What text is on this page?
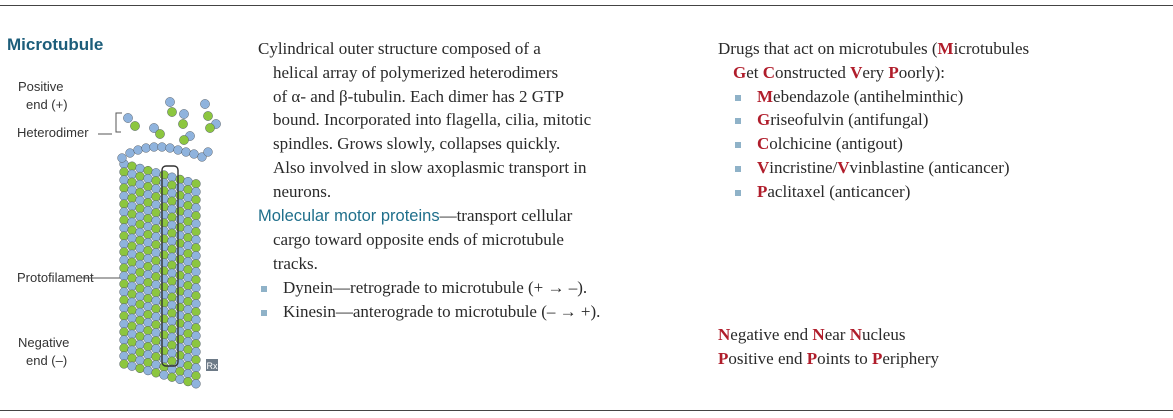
Microtubule
Positive
end (+)
Heterodimer
Protofilament
Negative
end (–)	Rx

Cylindrical outer structure composed of a
helical array of polymerized heterodimers
of α- and β-tubulin. Each dimer has 2 GTP
bound. Incorporated into flagella, cilia, mitotic
spindles. Grows slowly, collapses quickly.
Also involved in slow axoplasmic transport in
neurons.

Molecular motor proteins—transport cellular
cargo toward opposite ends of microtubule
tracks.

Dynein—retrograde to microtubule (+ → –).
Kinesin—anterograde to microtubule (– → +).

Drugs that act on microtubules (Microtubules
Get Constructed Very Poorly):

Mebendazole (antihelminthic)
Griseofulvin (antifungal)
Colchicine (antigout)
Vincristine/Vvinblastine (anticancer)
Paclitaxel (anticancer)

Negative end Near Nucleus

Positive end Points to Periphery
